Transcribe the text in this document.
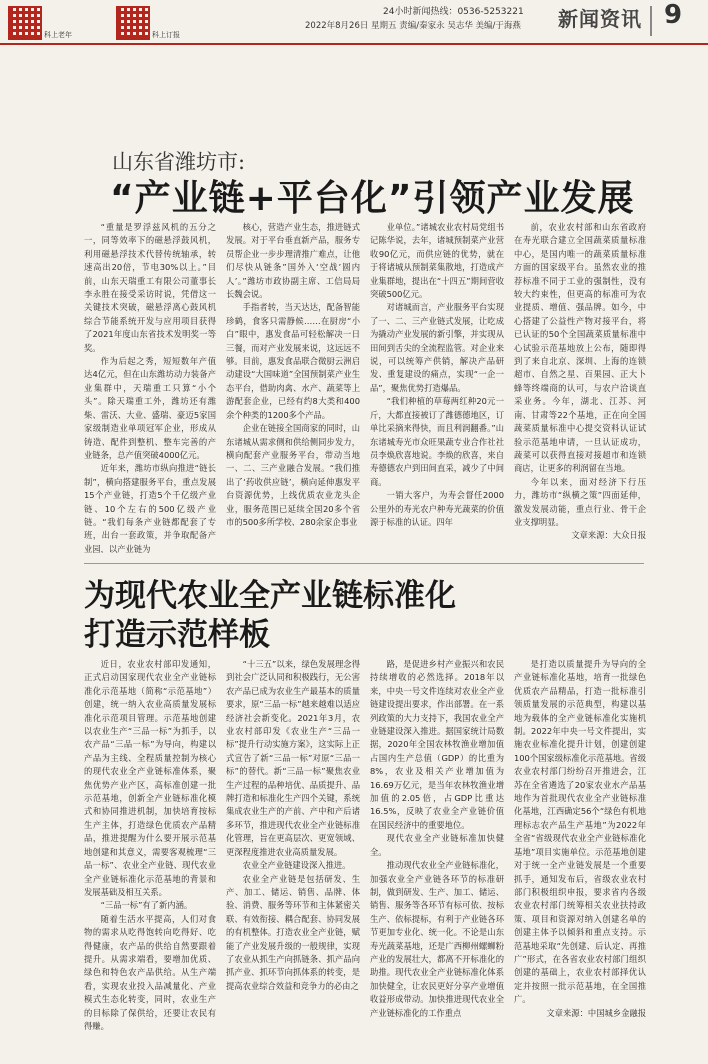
科上老年	科上订报
24小时新闻热线：0536-5253221
2022年8月26日 星期五 责编/秦家永 吴志华 美编/于海燕 新闻资讯 9
山东省潍坊市:
“产业链+平台化”引领产业发展

“重量是罗浮兹风机的五分之一，同等效率下的磁悬浮鼓风机，利用磁悬浮技术代替传统轴承，转速高出20倍，节电30%以上。”目前，山东天瑞重工有限公司董事长李永胜在接受采访时说，凭借这一关键技术突破，磁悬浮离心鼓风机综合节能系统开发与应用项目获得了2021年度山东省技术发明奖一等奖。

作为后起之秀，短短数年产值达4亿元，但在山东潍坊动力装备产业集群中，天瑞重工只算“小个头”。除天瑞重工外，潍坊还有潍柴、雷沃、大业、盛瑞、豪迈5家国家级制造业单项冠军企业，形成从铸造、配件到整机、整车完善的产业链条，总产值突破4000亿元。

近年来，潍坊市纵向推进“链长制”，横向搭建服务平台，重点发展15个产业链，打造5个千亿级产业链、10个左右的500亿级产业链。“我们每条产业链都配套了专班，出台一套政策，并争取配备产业园，以产业链为

核心，营造产业生态，推进链式发展。对于平台垂直新产品，服务专员帮企业一步步理清推广难点，让他们尽快从链条”国外入‘空战’圆内人’。”潍坊市政协副主席、工信局局长魏会说。

手指者转，当天达达，配备智能珍鹤，食客只需静候……在厨房“小白”眼中，惠发食品可轻松解决一日三餐，而对产业发展来说，这远远不够。目前，惠发食品联合微厨云洲启动建设“大国味道”全国预制菜产业生态平台，借助肉禽、水产、蔬菜等上游配套企业，已经有约8大类和400余个种类的1200多个产品。

企业在链接全国商家的同时，山东诸城从需求侧和供给侧同步发力，横向配套产业服务平台，带动当地一、二、三产业融合发展。“我们推出了‘药收供应链’，横向延伸惠发平台资源优势，上线优质农业龙头企业，服务范围已延续全国20多个省市的500多所学校、280余家企事业

业单位。”诸城农业农村局党组书记陈华说，去年，诸城预制菜产业营收90亿元，而供应链的优势，就在于将诸城从预制菜集散地，打造成产业集群地，提出在“十四五”期间营收突破500亿元。

对诸城而言，产业服务平台实现了一、二、三产业链式发展，让吃成为撬动产业发展的新引擎，并实现从田间到舌尖的全流程监管。对企业来说，可以统筹产供销，解决产品研发、重复建设的痛点，实现“一企一品”，聚焦优势打造爆品。

“我们种植的草莓两红种20元一斤，大都直接被订了潍德德地区，订单比采摘来得快，而且利润翻番。”山东诸城寿光市众旺果蔬专业合作社社员李焕欣喜地说。李焕的欣喜，来自寿德德农户到田间直采，减少了中间商。

一销大客户，为寿会督任2000公里外的寿光农户种寿光蔬菜的价值源于标准的认证。四年

前，农业农村部和山东省政府在寿光联合建立全国蔬菜质量标准中心，是国内唯一的蔬菜质量标准方面的国家级平台。虽然农业的推荐标准不同于工业的强制性，没有较大约束性，但更高的标准可为农业提质、增值、强品牌。如今，中心搭建了公益性产物对接平台，将已认证的50个全国蔬菜质量标准中心试验示范基地放上公布，随即得到了来自北京、深圳、上海的连锁超市、自然之星、百果园、正大卜蜂等终端商的认可，与农户洽谈直采业务。今年，湖北、江苏、河南、甘肃等22个基地，正在向全国蔬菜质量标准中心提交资料认证试验示范基地申请，一旦认证成功，蔬菜可以获得直接对接超市和连锁商店，让更多的利润留在当地。

今年以来，面对经济下行压力，潍坊市“纵横之策”四面延伸，激发发展动能，重点行业、骨干企业支撑明显。

文章来源：大众日报
为现代农业全产业链标准化
打造示范样板

近日，农业农村部印发通知，正式启动国家现代农业全产业链标准化示范基地（简称“示范基地”）创建，统一纳入农业高质量发展标准化示范项目管理。示范基地创建以农业生产“三品一标”为抓手，以农产品“三品一标”为导向，构建以产品为主线、全程质量控制为核心的现代农业全产业链标准体系，聚焦优势产业产区，高标准创建一批示范基地，创新全产业链标准化模式和协同推进机制，加快培育按标生产主体，打造绿色优质农产品精品，推进提醒为什么要开展示范基地创建和其意义，需要客观梳理“三品一标”、农业全产业链、现代农业全产业链标准化示范基地的背景和发展基础及相互关系。

“三品一标”有了新内涵。

随着生活水平提高，人们对食物的需求从吃得饱转向吃得好、吃得健康，农产品的供给自然要跟着提升。从需求端看，要增加优质、绿色和特色农产品供给。从生产端看，实现农业投入品减量化、产业模式生态化转变，同时，农业生产的目标除了保供给，还要让农民有得赚。

“十三五”以来，绿色发展理念得到社会广泛认同和积极践行，无公害农产品已成为农业生产最基本的质量要求，原“三品一标”越来越难以适应经济社会新变化。2021年3月，农业农村部印发《农业生产“三品一标”提升行动实施方案》，这实际上正式宣告了新“三品一标”对原“三品一标”的替代。新“三品一标”聚焦农业生产过程的品种培优、品质提升、品牌打造和标准化生产四个关键，系统集成农业生产的产前、产中和产后诸多环节，推进现代农业全产业链标准化管理，旨在更高层次、更宽领域、更深程度推进农业高质量发展。

农业全产业链建设深入推进。

农业全产业链是包括研发、生产、加工、储运、销售、品牌、体验、消费、服务等环节和主体紧密关联、有效衔接、耦合配套、协同发展的有机整体。打造农业全产业链，赋能了产业发展升级的一般规律，实现了农业从抓生产向抓链条、抓产品向抓产业、抓环节向抓体系的转变，是提高农业综合效益和竞争力的必由之

路，是促进乡村产业振兴和农民持续增收的必然选择。2018年以来，中央一号文件连续对农业全产业链建设提出要求，作出部署。在一系列政策的大力支持下，我国农业全产业链建设深入推进。据国家统计局数据，2020年全国农林牧渔业增加值占国内生产总值（GDP）的比重为8%，农业及相关产业增加值为16.69万亿元，是当年农林牧渔业增加值的2.05倍，占GDP比重达16.5%，反映了农业全产业链价值在国民经济中的重要地位。

现代农业全产业链标准加快健全。

推动现代农业全产业链标准化，加强农业全产业链各环节的标准研制，做到研发、生产、加工、储运、销售、服务等各环节有标可依、按标生产、依标提标，有利于产业链各环节更加专业化、统一化。不论是山东寿光蔬菜基地，还是广西柳州螺蛳粉产业的发展壮大，都离不开标准化的助推。现代农业全产业链标准化体系加快健全，让农民更好分享产业增值收益形成带动。加快推进现代农业全产业链标准化的工作重点

是打造以质量提升为导向的全产业链标准化基地，培育一批绿色优质农产品精品，打造一批标准引领质量发展的示范典型，构建以基地为载体的全产业链标准化实施机制。2022年中央一号文件提出，实施农业标准化提升计划，创建创建100个国家级标准化示范基地。省级农业农村部门纷纷召开推进会，江苏在全省遴选了20家农业水产品基地作为首批现代农业全产业链标准化基地，江西确定56个“绿色有机地理标志农产品生产基地”为2022年全省“省级现代农业全产业链标准化基地”项目实施单位。示范基地创建对于统一全产业链发展是一个重要抓手，通知发布后，省级农业农村部门积极组织申报，要求省内各级农业农村部门统筹相关农业扶持政策、项目和资源对纳入创建名单的创建主体予以倾斜和重点支持。示范基地采取“先创建、后认定、再推广”形式，在各省农业农村部门组织创建的基础上，农业农村部择优认定并按照一批示范基地，在全国推广。

文章来源：中国城乡金融报
